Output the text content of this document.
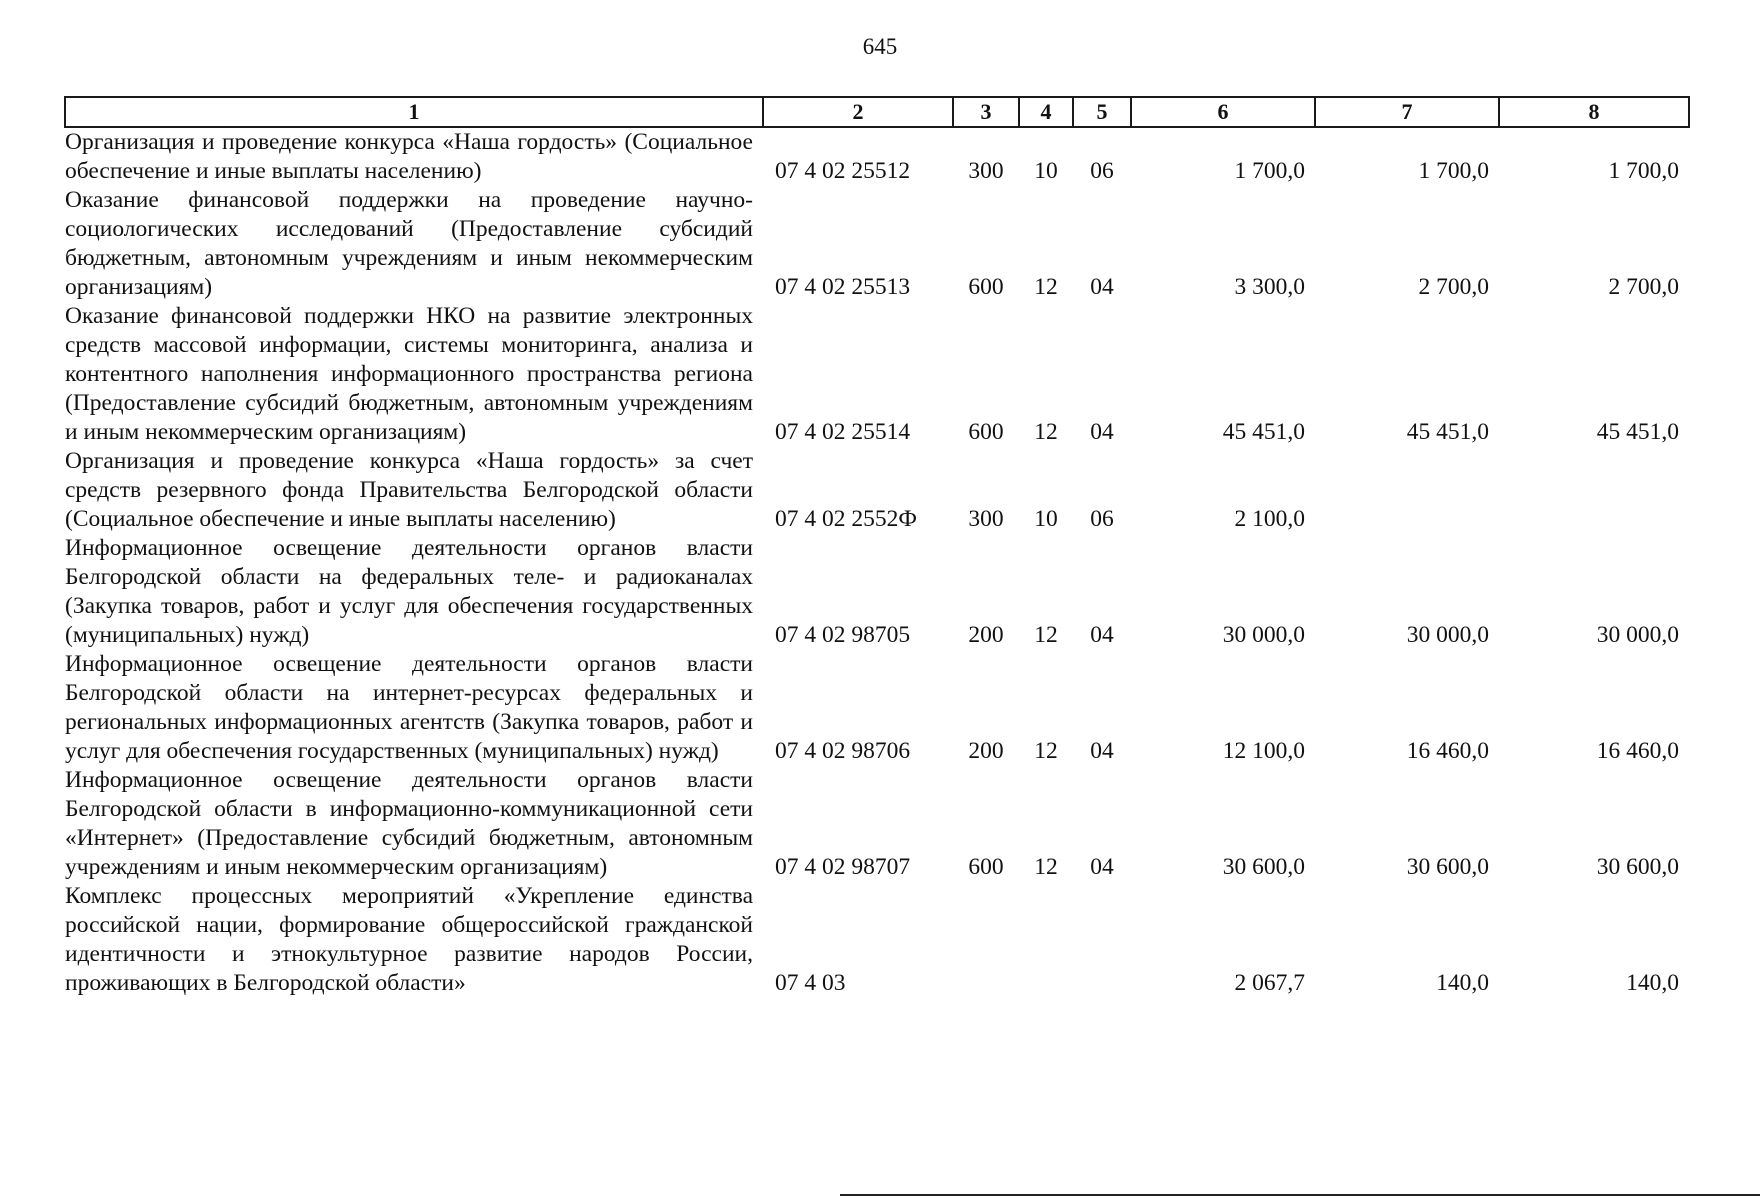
645
1	2	3	4	5	6	7	8
Организация и проведение конкурса «Наша гордость» (Социальное обеспечение и иные выплаты населению)	07 4 02 25512	300	10	06	1 700,0	1 700,0	1 700,0
Оказание финансовой поддержки на проведение научно-социологических исследований (Предоставление субсидий бюджетным, автономным учреждениям и иным некоммерческим организациям)	07 4 02 25513	600	12	04	3 300,0	2 700,0	2 700,0
Оказание финансовой поддержки НКО на развитие электронных средств массовой информации, системы мониторинга, анализа и контентного наполнения информационного пространства региона (Предоставление субсидий бюджетным, автономным учреждениям и иным некоммерческим организациям)	07 4 02 25514	600	12	04	45 451,0	45 451,0	45 451,0
Организация и проведение конкурса «Наша гордость» за счет средств резервного фонда Правительства Белгородской области (Социальное обеспечение и иные выплаты населению)	07 4 02 2552Ф	300	10	06	2 100,0		
Информационное освещение деятельности органов власти Белгородской области на федеральных теле- и радиоканалах (Закупка товаров, работ и услуг для обеспечения государственных (муниципальных) нужд)	07 4 02 98705	200	12	04	30 000,0	30 000,0	30 000,0
Информационное освещение деятельности органов власти Белгородской области на интернет-ресурсах федеральных и региональных информационных агентств (Закупка товаров, работ и услуг для обеспечения государственных (муниципальных) нужд)	07 4 02 98706	200	12	04	12 100,0	16 460,0	16 460,0
Информационное освещение деятельности органов власти Белгородской области в информационно-коммуникационной сети «Интернет» (Предоставление субсидий бюджетным, автономным учреждениям и иным некоммерческим организациям)	07 4 02 98707	600	12	04	30 600,0	30 600,0	30 600,0
Комплекс процессных мероприятий «Укрепление единства российской нации, формирование общероссийской гражданской идентичности и этнокультурное развитие народов России, проживающих в Белгородской области»	07 4 03				2 067,7	140,0	140,0
